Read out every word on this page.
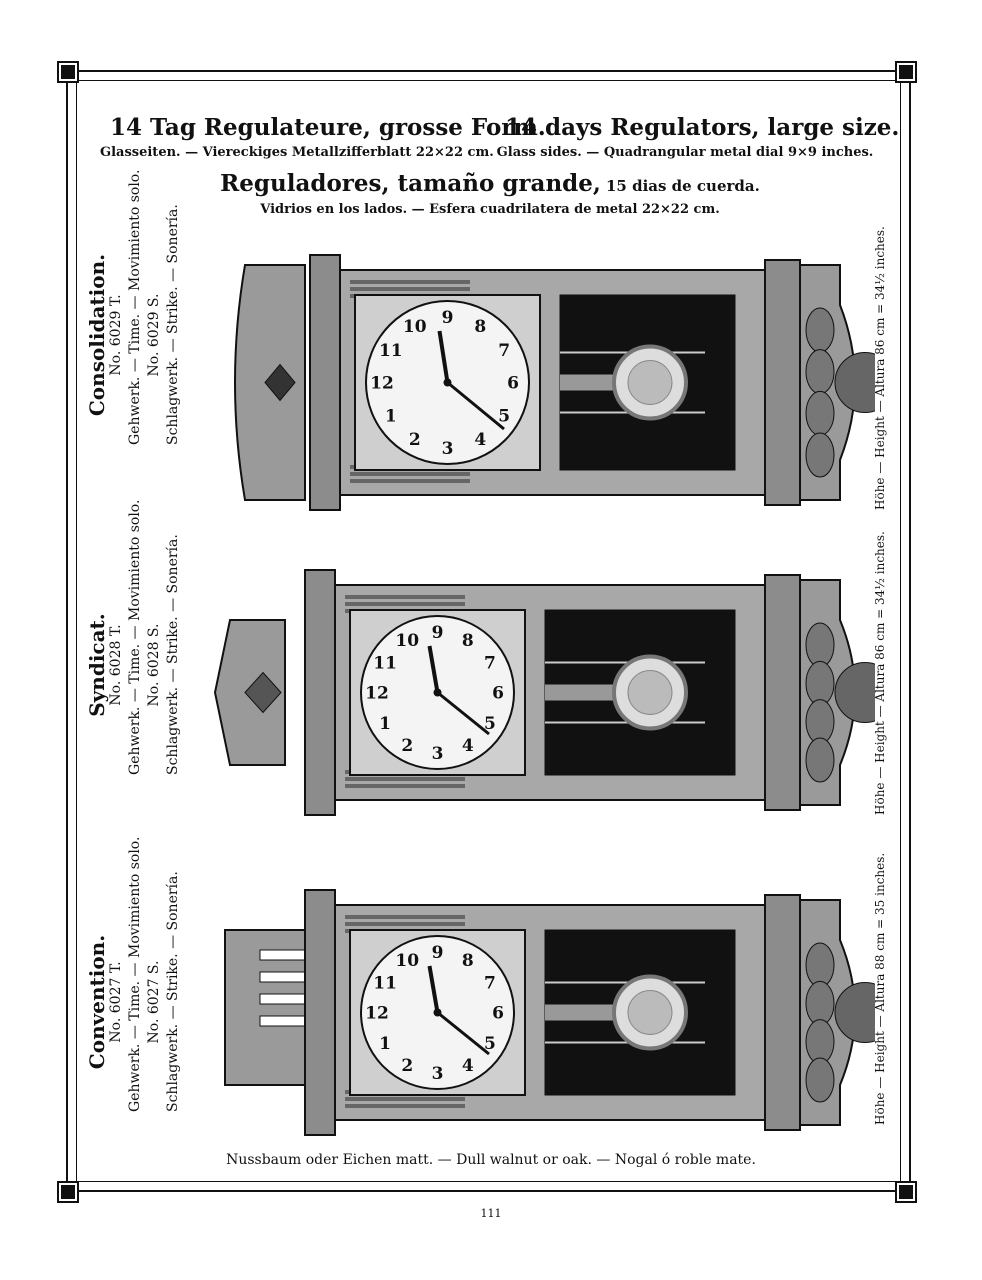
14 Tag Regulateure, grosse Form.
Glasseiten. — Viereckiges Metallzifferblatt 22×22 cm.
14 days Regulators, large size.
Glass sides. — Quadrangular metal dial 9×9 inches.
Reguladores, tamaño grande, 15 dias de cuerda.
Vidrios en los lados. — Esfera cuadrilatera de metal 22×22 cm.
Consolidation. No. 6029 T. Gehwerk. — Time. — Movimiento solo. No. 6029 S. Schlagwerk. — Strike. — Sonería.
Syndicat. No. 6028 T. Gehwerk. — Time. — Movimiento solo. No. 6028 S. Schlagwerk. — Strike. — Sonería.
Convention. No. 6027 T. Gehwerk. — Time. — Movimiento solo. No. 6027 S. Schlagwerk. — Strike. — Sonería.
Höhe — Height — Altura 86 cm = 34½ inches.
Höhe — Height — Altura 86 cm = 34½ inches.
Höhe — Height — Altura 88 cm = 35 inches.
12
1
2 3 4
5
6
7
8
9
10
11
12
1
2 3 4
5
6
7
8
9
10
11
12
1
2 3 4
5
6
7
8
9
10
11
Nussbaum oder Eichen matt. — Dull walnut or oak. — Nogal ó roble mate.
111
